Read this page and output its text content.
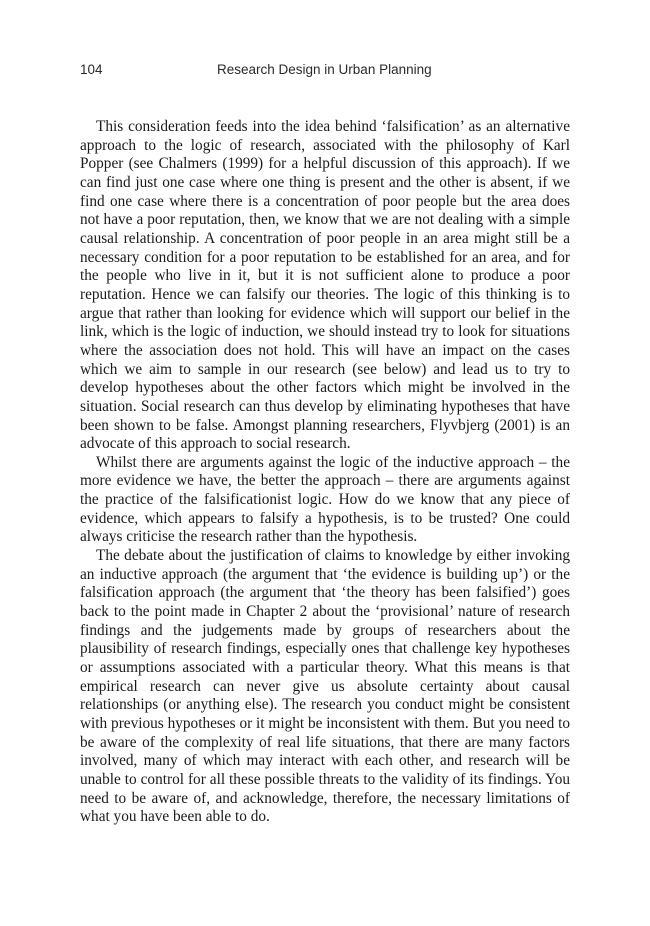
104	Research Design in Urban Planning

This consideration feeds into the idea behind ‘falsification’ as an alternative approach to the logic of research, associated with the philosophy of Karl Popper (see Chalmers (1999) for a helpful discussion of this approach). If we can find just one case where one thing is present and the other is absent, if we find one case where there is a concentration of poor people but the area does not have a poor reputation, then, we know that we are not dealing with a simple causal relationship. A concentration of poor people in an area might still be a necessary condition for a poor reputation to be established for an area, and for the people who live in it, but it is not sufficient alone to produce a poor reputation. Hence we can falsify our theories. The logic of this thinking is to argue that rather than looking for evidence which will support our belief in the link, which is the logic of induction, we should instead try to look for situations where the association does not hold. This will have an impact on the cases which we aim to sample in our research (see below) and lead us to try to develop hypotheses about the other factors which might be involved in the situation. Social research can thus develop by eliminating hypotheses that have been shown to be false. Amongst planning researchers, Flyvbjerg (2001) is an advocate of this approach to social research.

Whilst there are arguments against the logic of the inductive approach – the more evidence we have, the better the approach – there are arguments against the practice of the falsificationist logic. How do we know that any piece of evidence, which appears to falsify a hypothesis, is to be trusted? One could always criticise the research rather than the hypothesis.

The debate about the justification of claims to knowledge by either invoking an inductive approach (the argument that ‘the evidence is building up’) or the falsification approach (the argument that ‘the theory has been falsified’) goes back to the point made in Chapter 2 about the ‘provisional’ nature of research findings and the judgements made by groups of researchers about the plausibility of research findings, especially ones that challenge key hypotheses or assumptions associated with a particular theory. What this means is that empirical research can never give us absolute certainty about causal relationships (or anything else). The research you conduct might be consistent with previous hypotheses or it might be inconsistent with them. But you need to be aware of the complexity of real life situations, that there are many factors involved, many of which may interact with each other, and research will be unable to control for all these possible threats to the validity of its findings. You need to be aware of, and acknowledge, therefore, the necessary limitations of what you have been able to do.
